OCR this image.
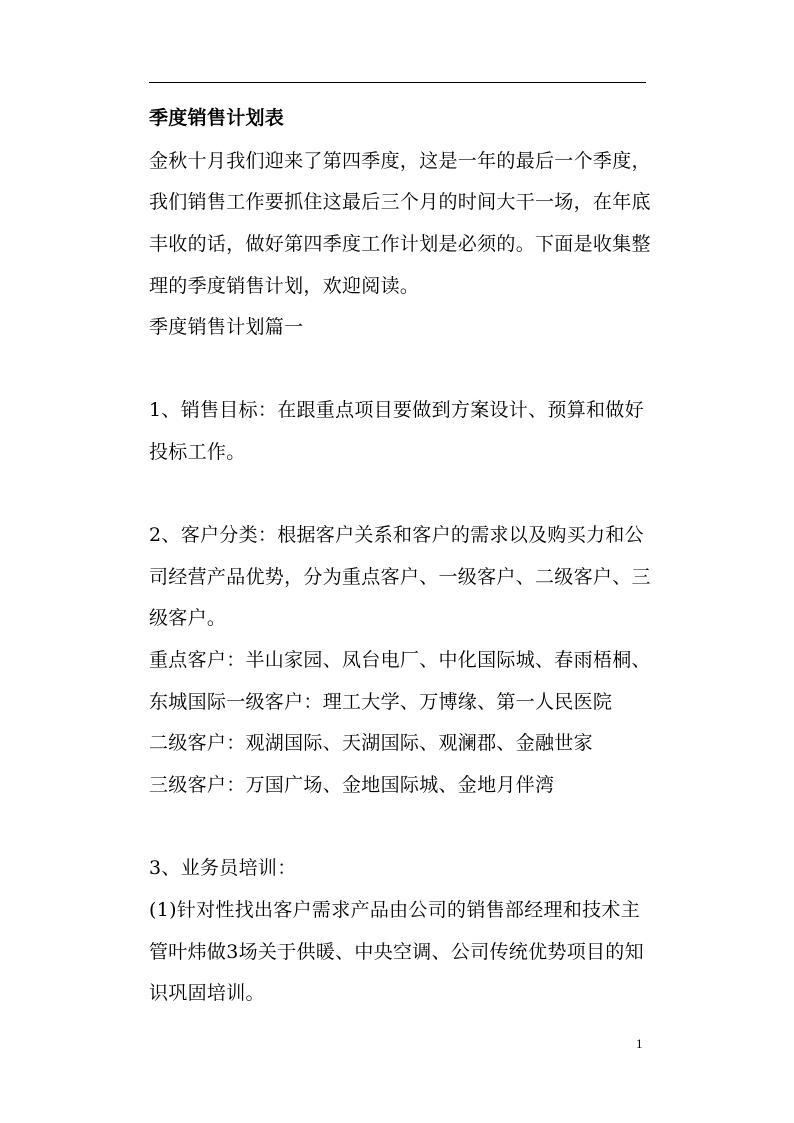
季度销售计划表
金秋十月我们迎来了第四季度，这是一年的最后一个季度，
我们销售工作要抓住这最后三个月的时间大干一场，在年底
丰收的话，做好第四季度工作计划是必须的。下面是收集整
理的季度销售计划，欢迎阅读。
季度销售计划篇一
1、销售目标：在跟重点项目要做到方案设计、预算和做好
投标工作。
2、客户分类：根据客户关系和客户的需求以及购买力和公
司经营产品优势，分为重点客户、一级客户、二级客户、三
级客户。
重点客户：半山家园、凤台电厂、中化国际城、春雨梧桐、
东城国际一级客户：理工大学、万博缘、第一人民医院
二级客户：观湖国际、天湖国际、观澜郡、金融世家
三级客户：万国广场、金地国际城、金地月伴湾
3、业务员培训：
(1)针对性找出客户需求产品由公司的销售部经理和技术主
管叶炜做3场关于供暖、中央空调、公司传统优势项目的知
识巩固培训。
1
